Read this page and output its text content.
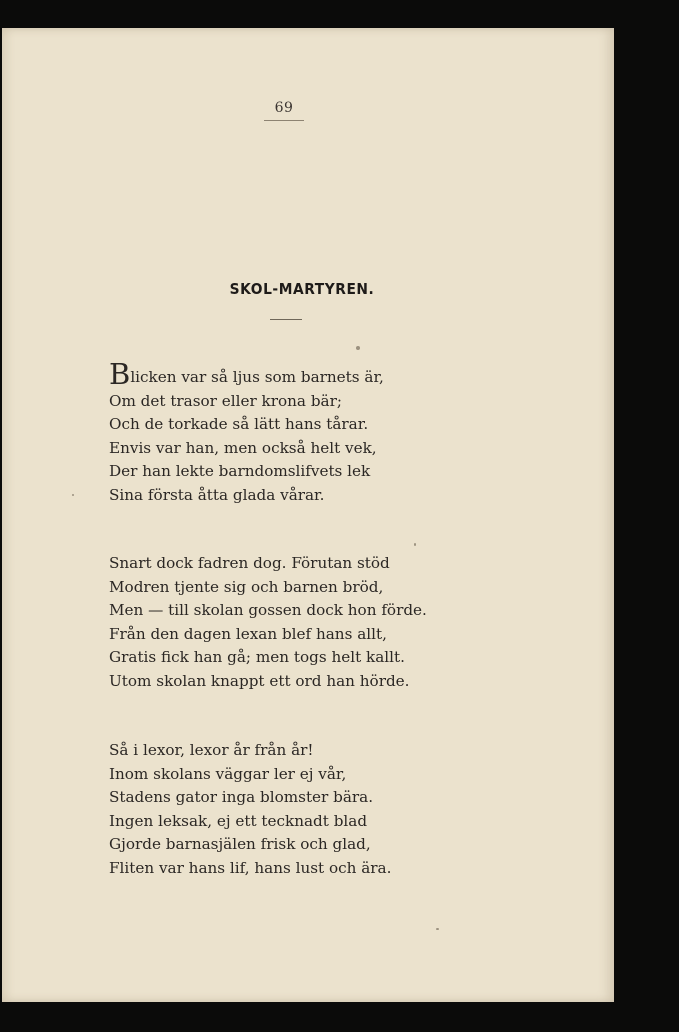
69
SKOL-MARTYREN.
Blicken var så ljus som barnets är,
Om det trasor eller krona bär;
Och de torkade så lätt hans tårar.
Envis var han, men också helt vek,
Der han lekte barndomslifvets lek
Sina första åtta glada vårar.
Snart dock fadren dog. Förutan stöd
Modren tjente sig och barnen bröd,
Men — till skolan gossen dock hon förde.
Från den dagen lexan blef hans allt,
Gratis fick han gå; men togs helt kallt.
Utom skolan knappt ett ord han hörde.
Så i lexor, lexor år från år!
Inom skolans väggar ler ej vår,
Stadens gator inga blomster bära.
Ingen leksak, ej ett tecknadt blad
Gjorde barnasjälen frisk och glad,
Fliten var hans lif, hans lust och ära.
